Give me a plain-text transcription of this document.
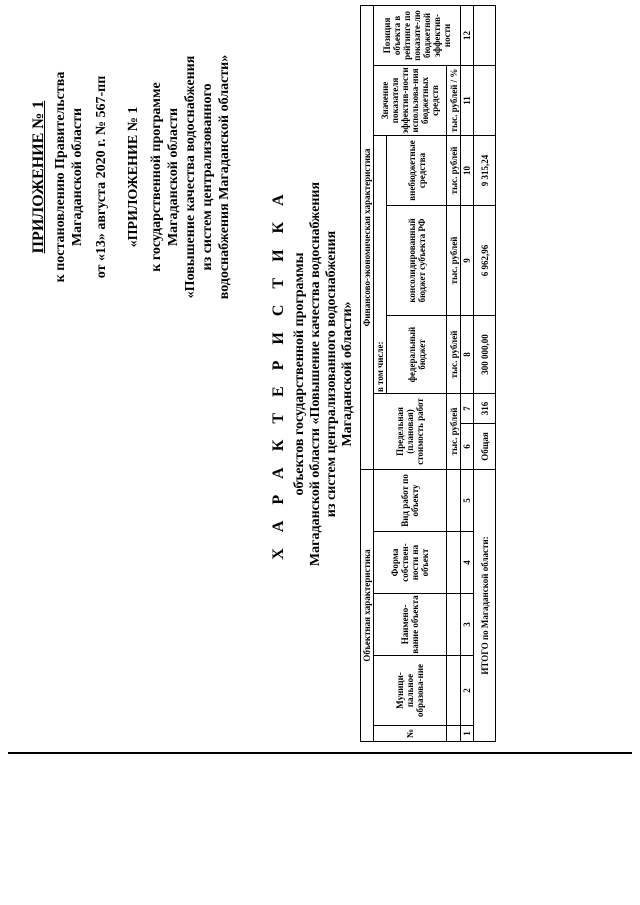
ПРИЛОЖЕНИЕ № 1 к постановлению Правительства Магаданской области от «13» августа 2020 г. № 567-пп «ПРИЛОЖЕНИЕ № 1 к государственной программе Магаданской области «Повышение качества водоснабжения из систем централизованного водоснабжения Магаданской области»
Х А Р А К Т Е Р И С Т И К А объектов государственной программы Магаданской области «Повышение качества водоснабжения из систем централизованного водоснабжения Магаданской области»
Объектная характеристика					Финансово-экономическая характеристика						
№	Муници-пальное образова-ние	Наимено-вание объекта	Форма собствен-ности на объект	Вид работ по объекту	Предельная (плановая) стоимость работ		в том числе:			Значение показателя эффектив-ности использова-ния бюджетных средств	Позиция объекта в рейтинге по показате-лю бюджетной эффектив-ности
							федеральный бюджет	консолидированный бюджет субъекта РФ	внебюджетные средства		
					тыс. рублей		тыс. рублей	тыс. рублей	тыс. рублей	тыс. рублей / %	
1	2	3	4	5	6	7	8	9	10	11	12
ИТОГО по Магаданской области:					Общая	316	300 000,00	6 962,96	9 315,24		
